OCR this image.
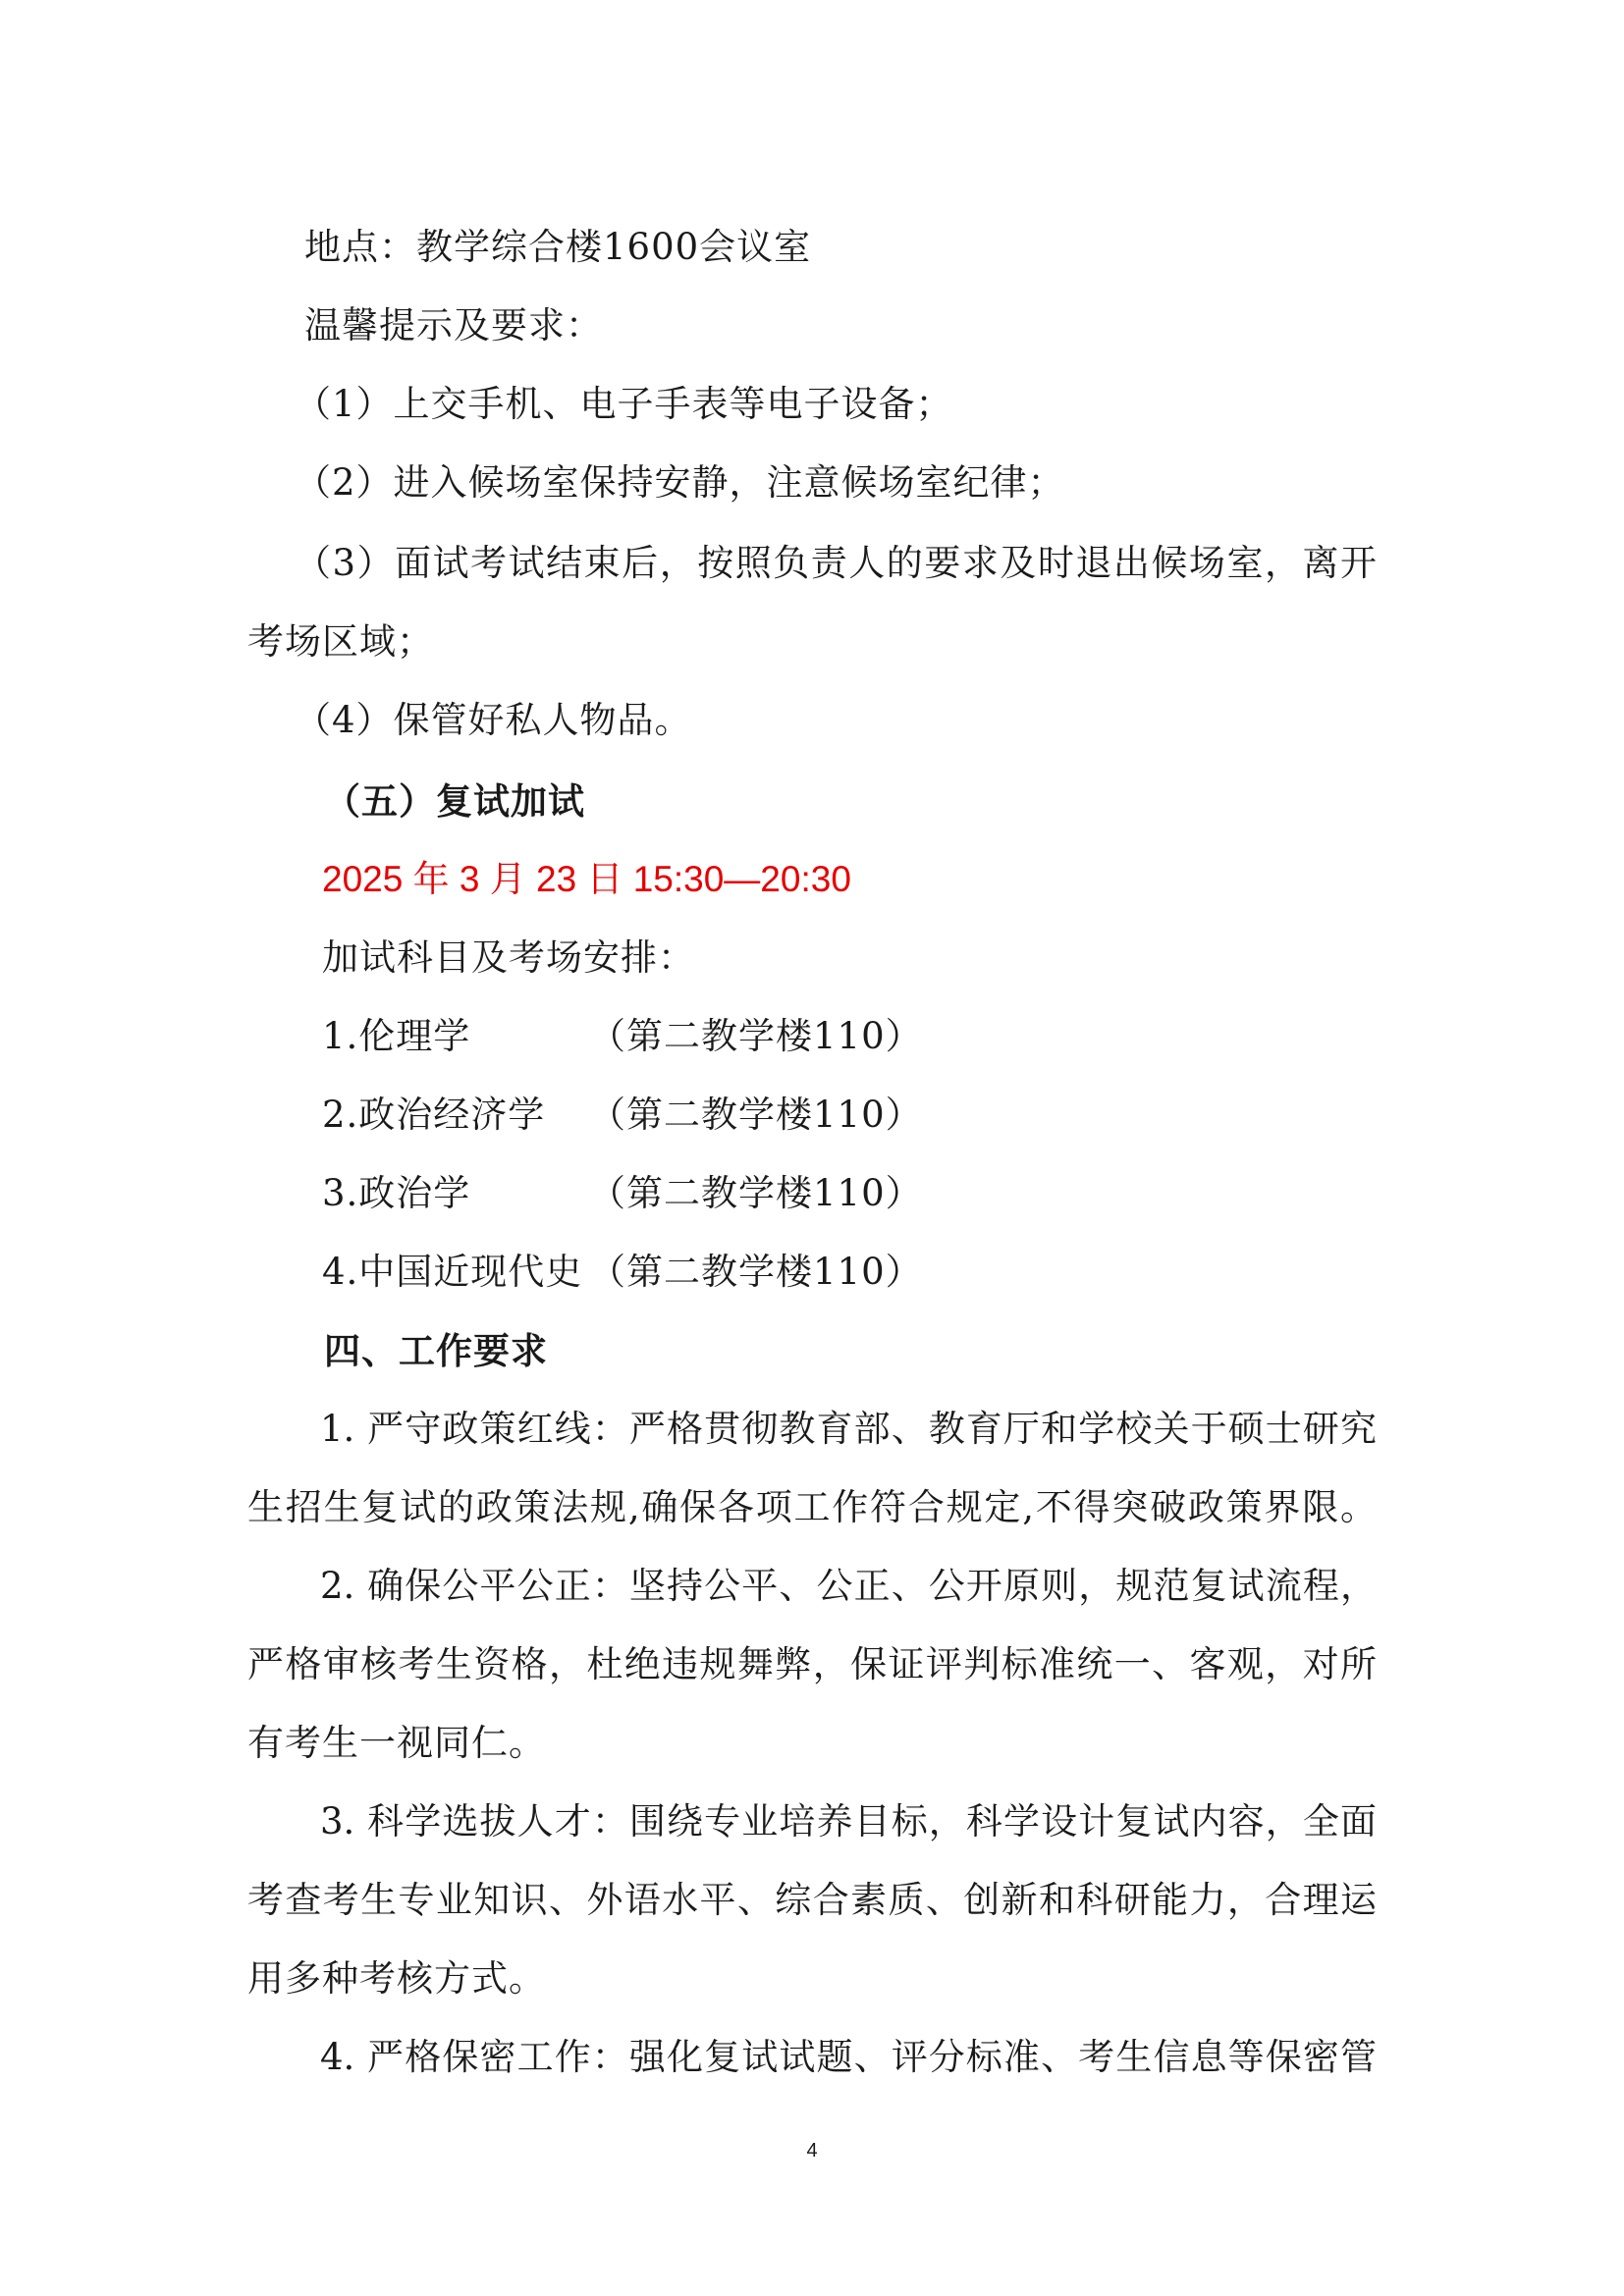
地点：教学综合楼1600会议室
温馨提示及要求：
（1）上交手机、电子手表等电子设备；
（2）进入候场室保持安静，注意候场室纪律；
（3）面试考试结束后，按照负责人的要求及时退出候场室，离开
考场区域；
（4）保管好私人物品。
（五）复试加试
2025 年 3 月 23 日 15:30—20:30
加试科目及考场安排：
1.伦理学	（第二教学楼110）
2.政治经济学 （第二教学楼110）
3.政治学	（第二教学楼110）
4.中国近现代史 （第二教学楼110）
四、工作要求
1. 严守政策红线：严格贯彻教育部、教育厅和学校关于硕士研究
生招生复试的政策法规,确保各项工作符合规定,不得突破政策界限。
2. 确保公平公正：坚持公平、公正、公开原则，规范复试流程，
严格审核考生资格，杜绝违规舞弊，保证评判标准统一、客观，对所
有考生一视同仁。
3. 科学选拔人才：围绕专业培养目标，科学设计复试内容，全面
考查考生专业知识、外语水平、综合素质、创新和科研能力，合理运
用多种考核方式。
4. 严格保密工作：强化复试试题、评分标准、考生信息等保密管
4
